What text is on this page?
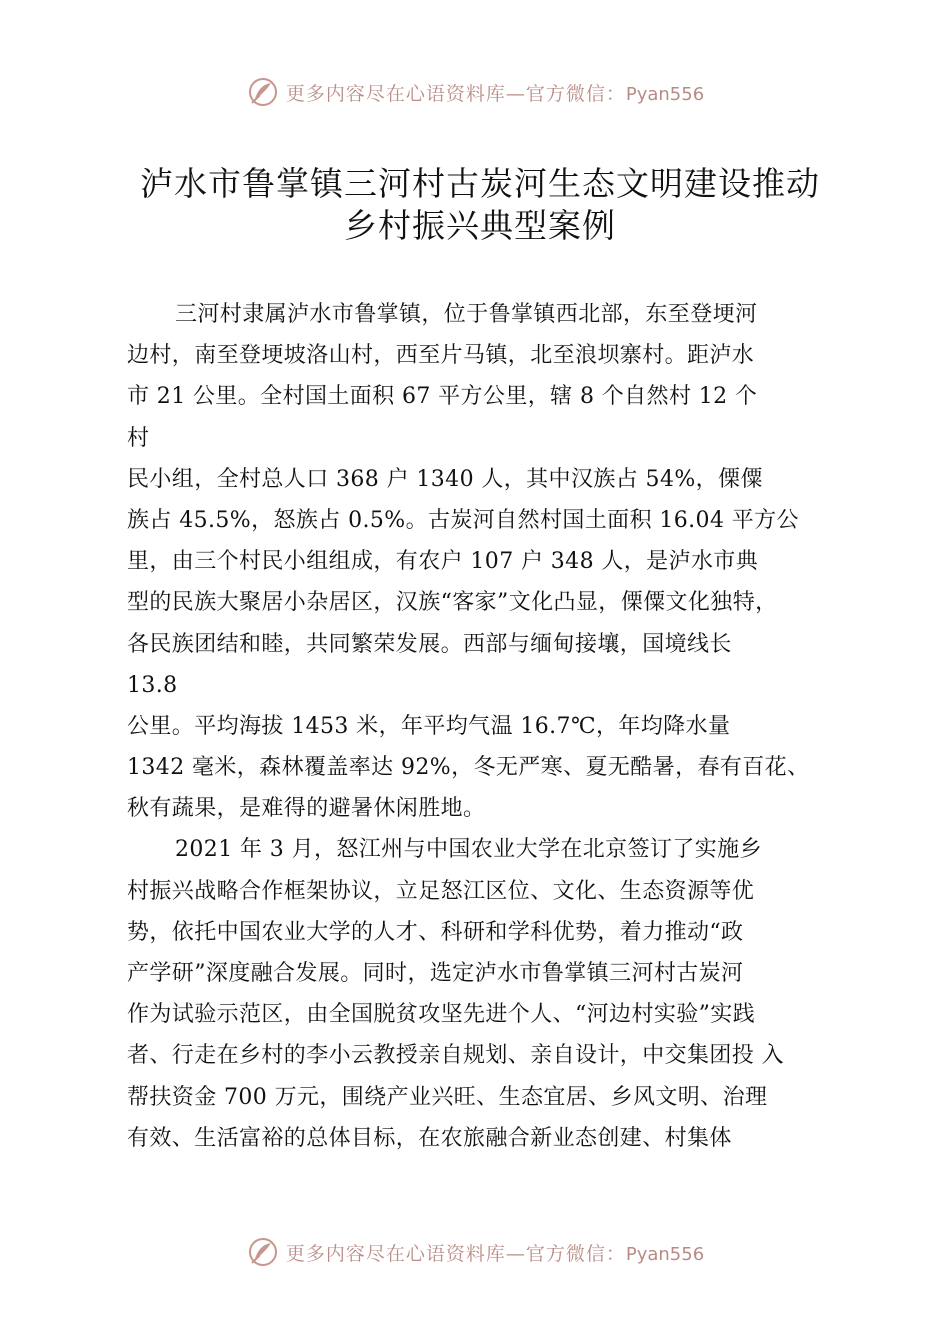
更多内容尽在心语资料库—官方微信：Pyan556
泸水市鲁掌镇三河村古炭河生态文明建设推动
乡村振兴典型案例
三河村隶属泸水市鲁掌镇，位于鲁掌镇西北部，东至登埂河
边村，南至登埂坡洛山村，西至片马镇，北至浪坝寨村。距泸水
市 21 公里。全村国土面积 67 平方公里，辖 8 个自然村 12 个
村
民小组，全村总人口 368 户 1340 人，其中汉族占 54%，傈僳
族占 45.5%，怒族占 0.5%。古炭河自然村国土面积 16.04 平方公
里，由三个村民小组组成，有农户 107 户 348 人，是泸水市典
型的民族大聚居小杂居区，汉族“客家”文化凸显，傈僳文化独特，
各民族团结和睦，共同繁荣发展。西部与缅甸接壤，国境线长
13.8
公里。平均海拔 1453 米，年平均气温 16.7℃，年均降水量
1342 毫米，森林覆盖率达 92%，冬无严寒、夏无酷暑，春有百花、
秋有蔬果，是难得的避暑休闲胜地。
2021 年 3 月，怒江州与中国农业大学在北京签订了实施乡
村振兴战略合作框架协议，立足怒江区位、文化、生态资源等优
势，依托中国农业大学的人才、科研和学科优势，着力推动“政
产学研”深度融合发展。同时，选定泸水市鲁掌镇三河村古炭河
作为试验示范区，由全国脱贫攻坚先进个人、“河边村实验”实践
者、行走在乡村的李小云教授亲自规划、亲自设计，中交集团投 入
帮扶资金 700 万元，围绕产业兴旺、生态宜居、乡风文明、治理
有效、生活富裕的总体目标，在农旅融合新业态创建、村集体
更多内容尽在心语资料库—官方微信：Pyan556
